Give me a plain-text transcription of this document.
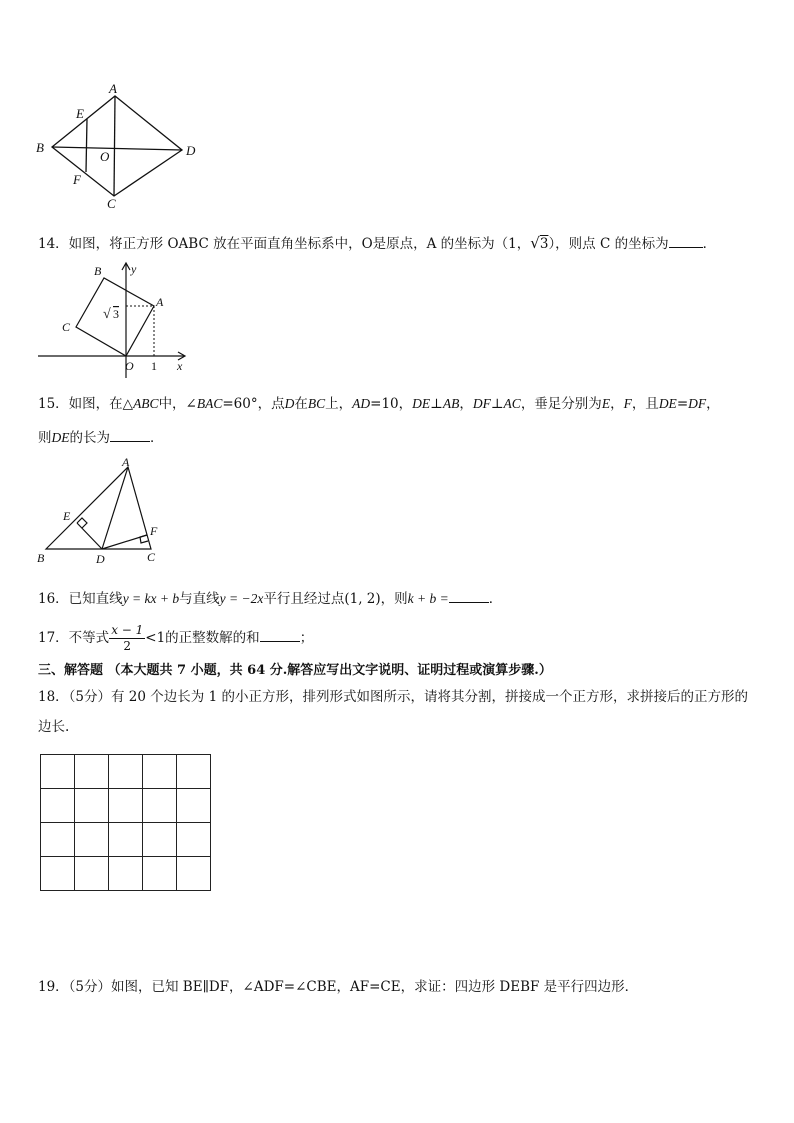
A
E
B
O	D
F
C
14．如图，将正方形 OABC 放在平面直角坐标系中，O是原点，A 的坐标为（1，√3），则点 C 的坐标为	．
B y
A
√ 3
C
O 1 x
15．如图，在△ABC中，∠BAC=60°，点D在BC上，AD=10，DE⊥AB，DF⊥AC，垂足分别为E，F，且DE=DF，
则DE的长为	．
A
E
F
B	D	C
16．已知直线y = kx + b与直线y = −2x平行且经过点(1, 2)，则k + b =	．
17．不等式 $\frac{x - 1}{2} <1$的正整数解的和	；
三、解答题 （本大题共 7 小题，共 64 分.解答应写出文字说明、证明过程或演算步骤.）
18．（5分）有 20 个边长为 1 的小正方形，排列形式如图所示，请将其分割，拼接成一个正方形，求拼接后的正方形的
边长.

19．（5分）如图，已知 BE∥DF，∠ADF=∠CBE，AF=CE，求证：四边形 DEBF 是平行四边形．
